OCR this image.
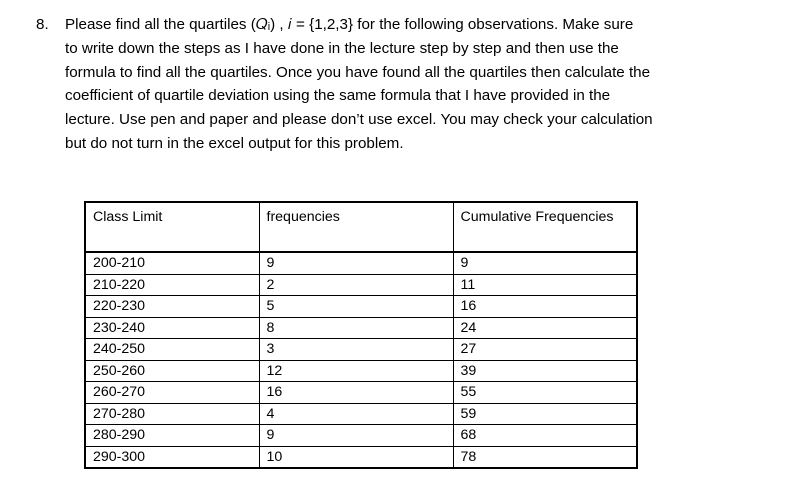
8. Please find all the quartiles (𝑄ᵢ) , 𝑖 = {1,2,3} for the following observations. Make sure
to write down the steps as I have done in the lecture step by step and then use the
formula to find all the quartiles. Once you have found all the quartiles then calculate the
coefficient of quartile deviation using the same formula that I have provided in the
lecture. Use pen and paper and please don’t use excel. You may check your calculation
but do not turn in the excel output for this problem.
Class Limit	frequencies	Cumulative Frequencies
200-210	9	9
210-220	2	11
220-230	5	16
230-240	8	24
240-250	3	27
250-260	12	39
260-270	16	55
270-280	4	59
280-290	9	68
290-300	10	78
